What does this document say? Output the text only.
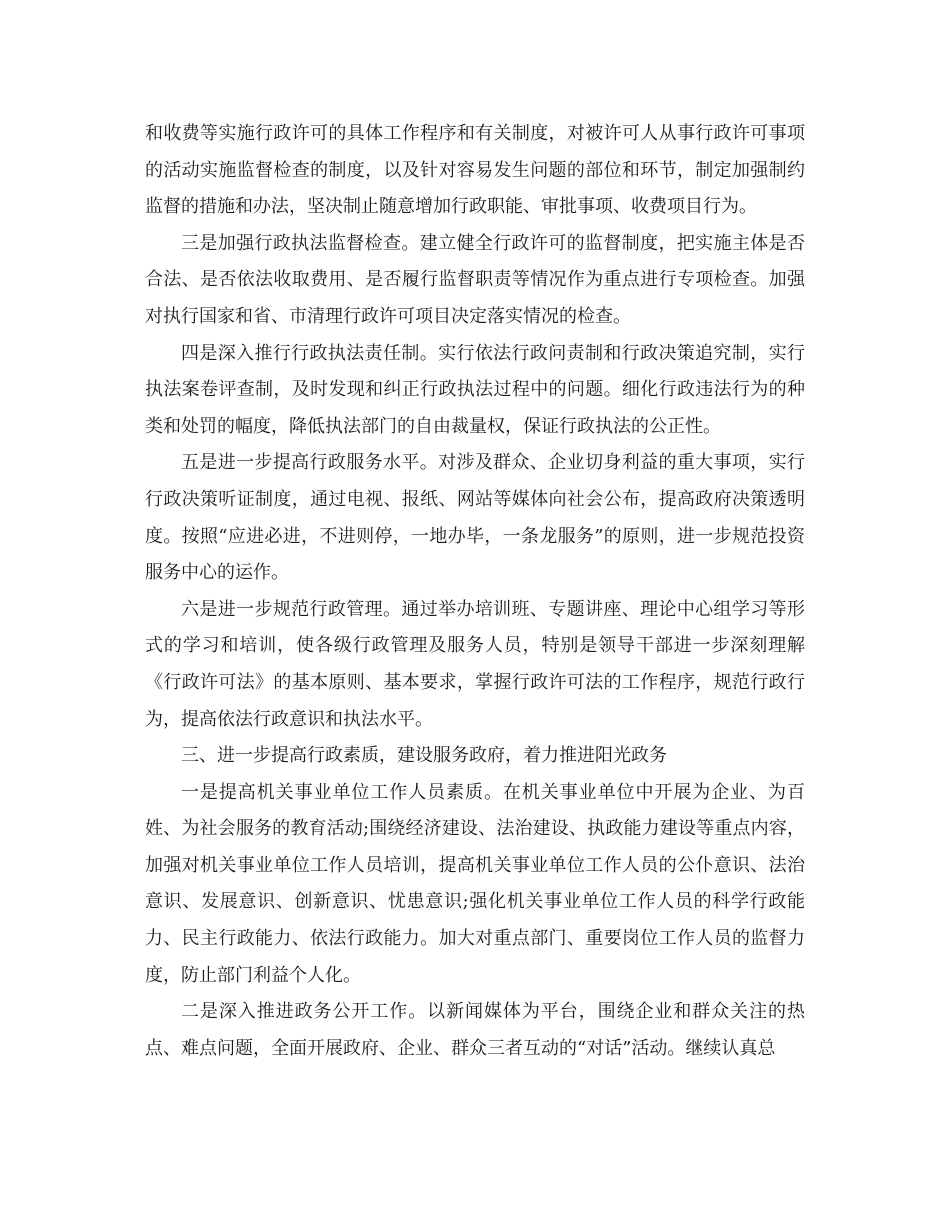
和收费等实施行政许可的具体工作程序和有关制度，对被许可人从事行政许可事项的活动实施监督检查的制度，以及针对容易发生问题的部位和环节，制定加强制约监督的措施和办法，坚决制止随意增加行政职能、审批事项、收费项目行为。

三是加强行政执法监督检查。建立健全行政许可的监督制度，把实施主体是否合法、是否依法收取费用、是否履行监督职责等情况作为重点进行专项检查。加强对执行国家和省、市清理行政许可项目决定落实情况的检查。

四是深入推行行政执法责任制。实行依法行政问责制和行政决策追究制，实行执法案卷评查制，及时发现和纠正行政执法过程中的问题。细化行政违法行为的种类和处罚的幅度，降低执法部门的自由裁量权，保证行政执法的公正性。

五是进一步提高行政服务水平。对涉及群众、企业切身利益的重大事项，实行行政决策听证制度，通过电视、报纸、网站等媒体向社会公布，提高政府决策透明度。按照“应进必进，不进则停，一地办毕，一条龙服务”的原则，进一步规范投资服务中心的运作。

六是进一步规范行政管理。通过举办培训班、专题讲座、理论中心组学习等形式的学习和培训，使各级行政管理及服务人员，特别是领导干部进一步深刻理解《行政许可法》的基本原则、基本要求，掌握行政许可法的工作程序，规范行政行为，提高依法行政意识和执法水平。

三、进一步提高行政素质，建设服务政府，着力推进阳光政务

一是提高机关事业单位工作人员素质。在机关事业单位中开展为企业、为百姓、为社会服务的教育活动;围绕经济建设、法治建设、执政能力建设等重点内容，加强对机关事业单位工作人员培训，提高机关事业单位工作人员的公仆意识、法治意识、发展意识、创新意识、忧患意识;强化机关事业单位工作人员的科学行政能力、民主行政能力、依法行政能力。加大对重点部门、重要岗位工作人员的监督力度，防止部门利益个人化。

二是深入推进政务公开工作。以新闻媒体为平台，围绕企业和群众关注的热点、难点问题，全面开展政府、企业、群众三者互动的“对话”活动。继续认真总
